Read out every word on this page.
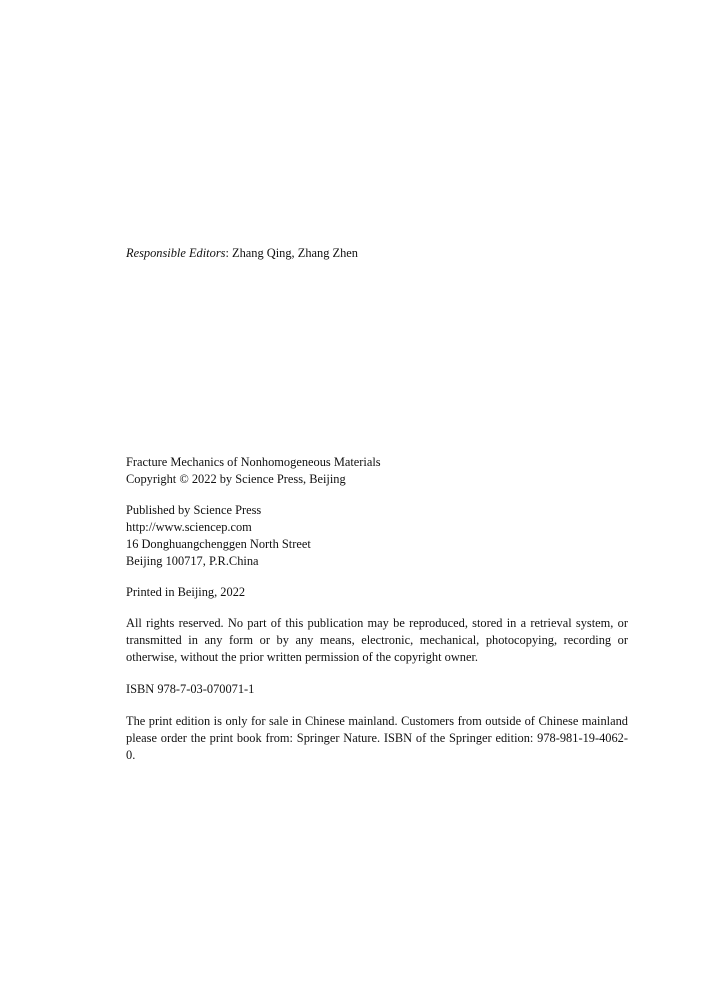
Responsible Editors: Zhang Qing, Zhang Zhen

Fracture Mechanics of Nonhomogeneous Materials

Copyright © 2022 by Science Press, Beijing

Published by Science Press

http://www.sciencep.com

16 Donghuangchenggen North Street

Beijing 100717, P.R.China

Printed in Beijing, 2022

All rights reserved. No part of this publication may be reproduced, stored in a retrieval system, or transmitted in any form or by any means, electronic, mechanical, photocopying, recording or otherwise, without the prior written permission of the copyright owner.

ISBN 978-7-03-070071-1

The print edition is only for sale in Chinese mainland. Customers from outside of Chinese mainland please order the print book from: Springer Nature. ISBN of the Springer edition: 978-981-19-4062-0.
